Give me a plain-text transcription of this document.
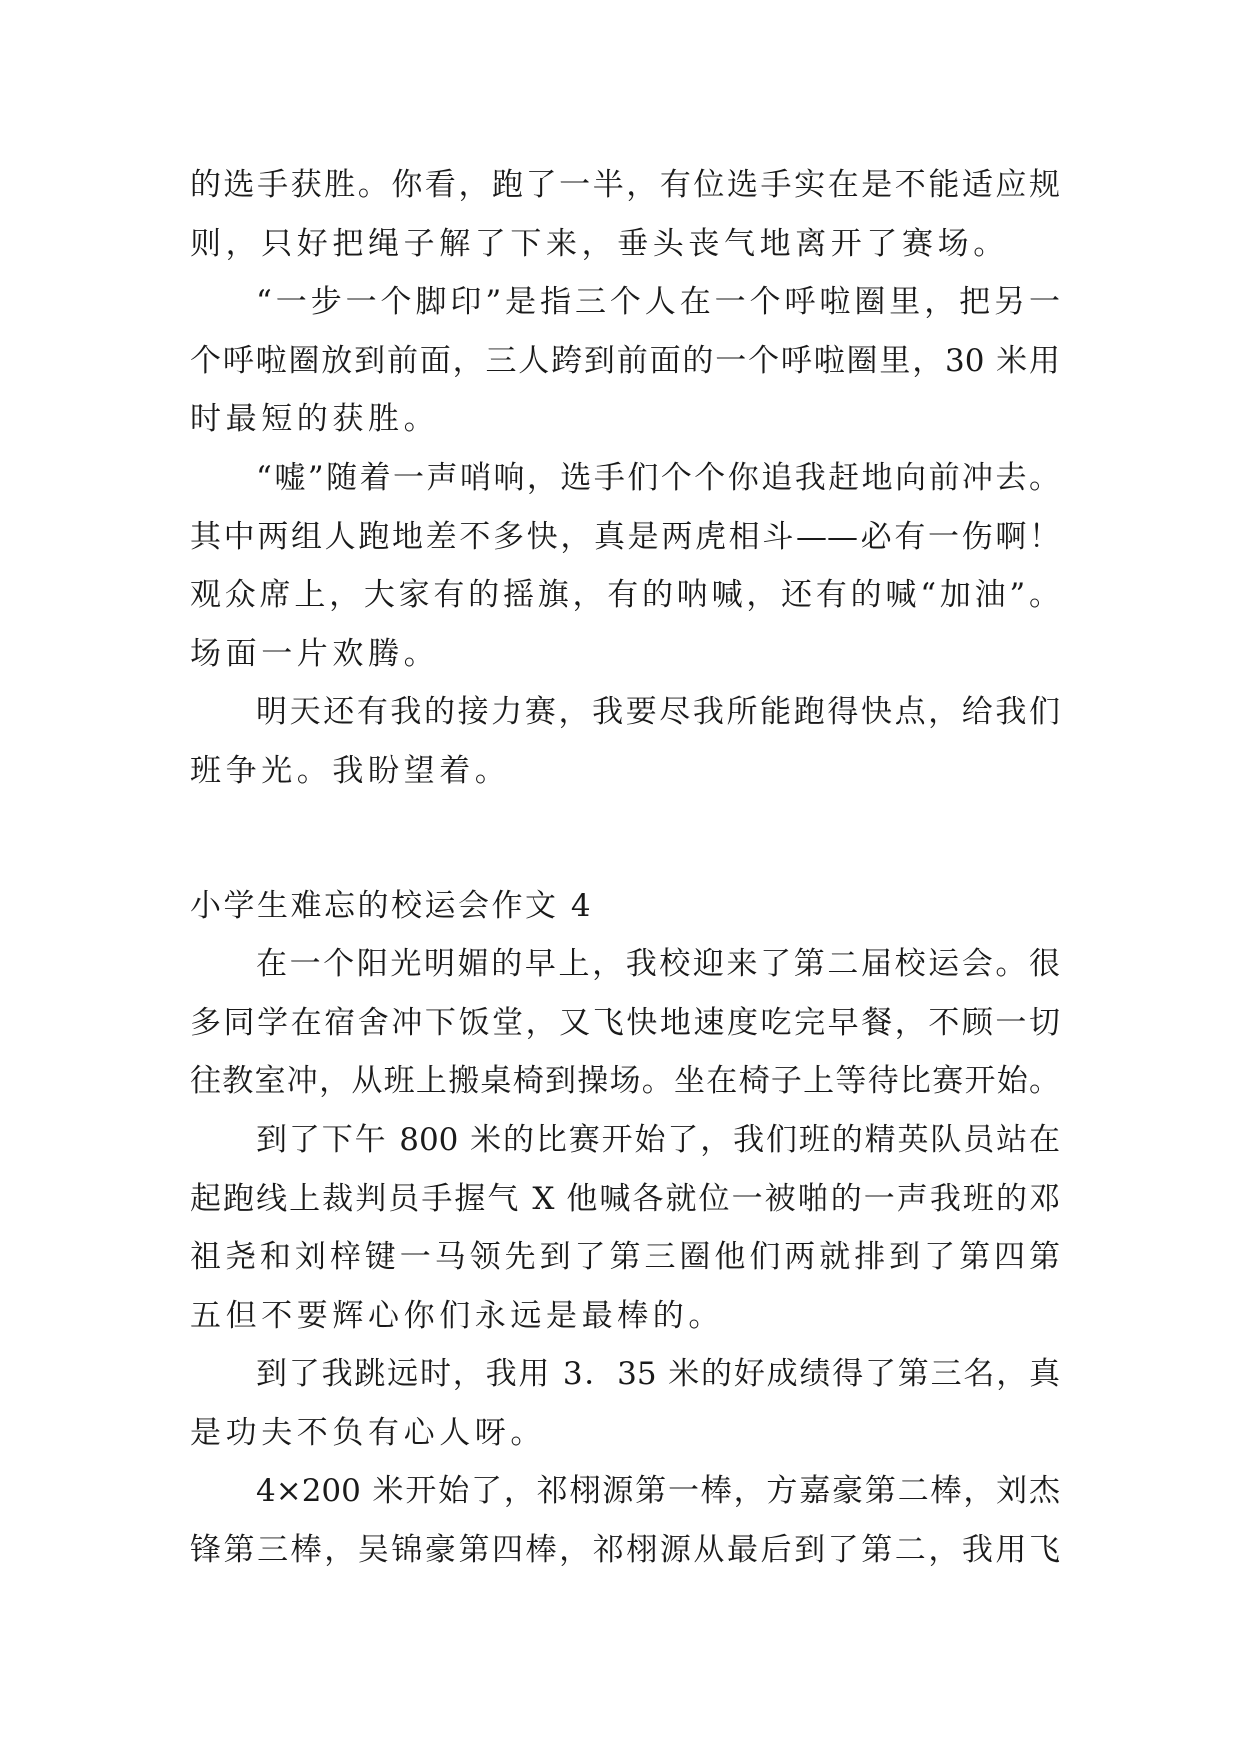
的选手获胜。你看，跑了一半，有位选手实在是不能适应规
则，只好把绳子解了下来，垂头丧气地离开了赛场。
“一步一个脚印”是指三个人在一个呼啦圈里，把另一
个呼啦圈放到前面，三人跨到前面的一个呼啦圈里，30 米用
时最短的获胜。
“嘘”随着一声哨响，选手们个个你追我赶地向前冲去。
其中两组人跑地差不多快，真是两虎相斗——必有一伤啊！
观众席上，大家有的摇旗，有的呐喊，还有的喊“加油”。
场面一片欢腾。
明天还有我的接力赛，我要尽我所能跑得快点，给我们
班争光。我盼望着。
小学生难忘的校运会作文 4
在一个阳光明媚的早上，我校迎来了第二届校运会。很
多同学在宿舍冲下饭堂，又飞快地速度吃完早餐，不顾一切
往教室冲，从班上搬桌椅到操场。坐在椅子上等待比赛开始。
到了下午 800 米的比赛开始了，我们班的精英队员站在
起跑线上裁判员手握气 X 他喊各就位一被啪的一声我班的邓
祖尧和刘梓键一马领先到了第三圈他们两就排到了第四第
五但不要辉心你们永远是最棒的。
到了我跳远时，我用 3．35 米的好成绩得了第三名，真
是功夫不负有心人呀。
4×200 米开始了，祁栩源第一棒，方嘉豪第二棒，刘杰
锋第三棒，吴锦豪第四棒，祁栩源从最后到了第二，我用飞
